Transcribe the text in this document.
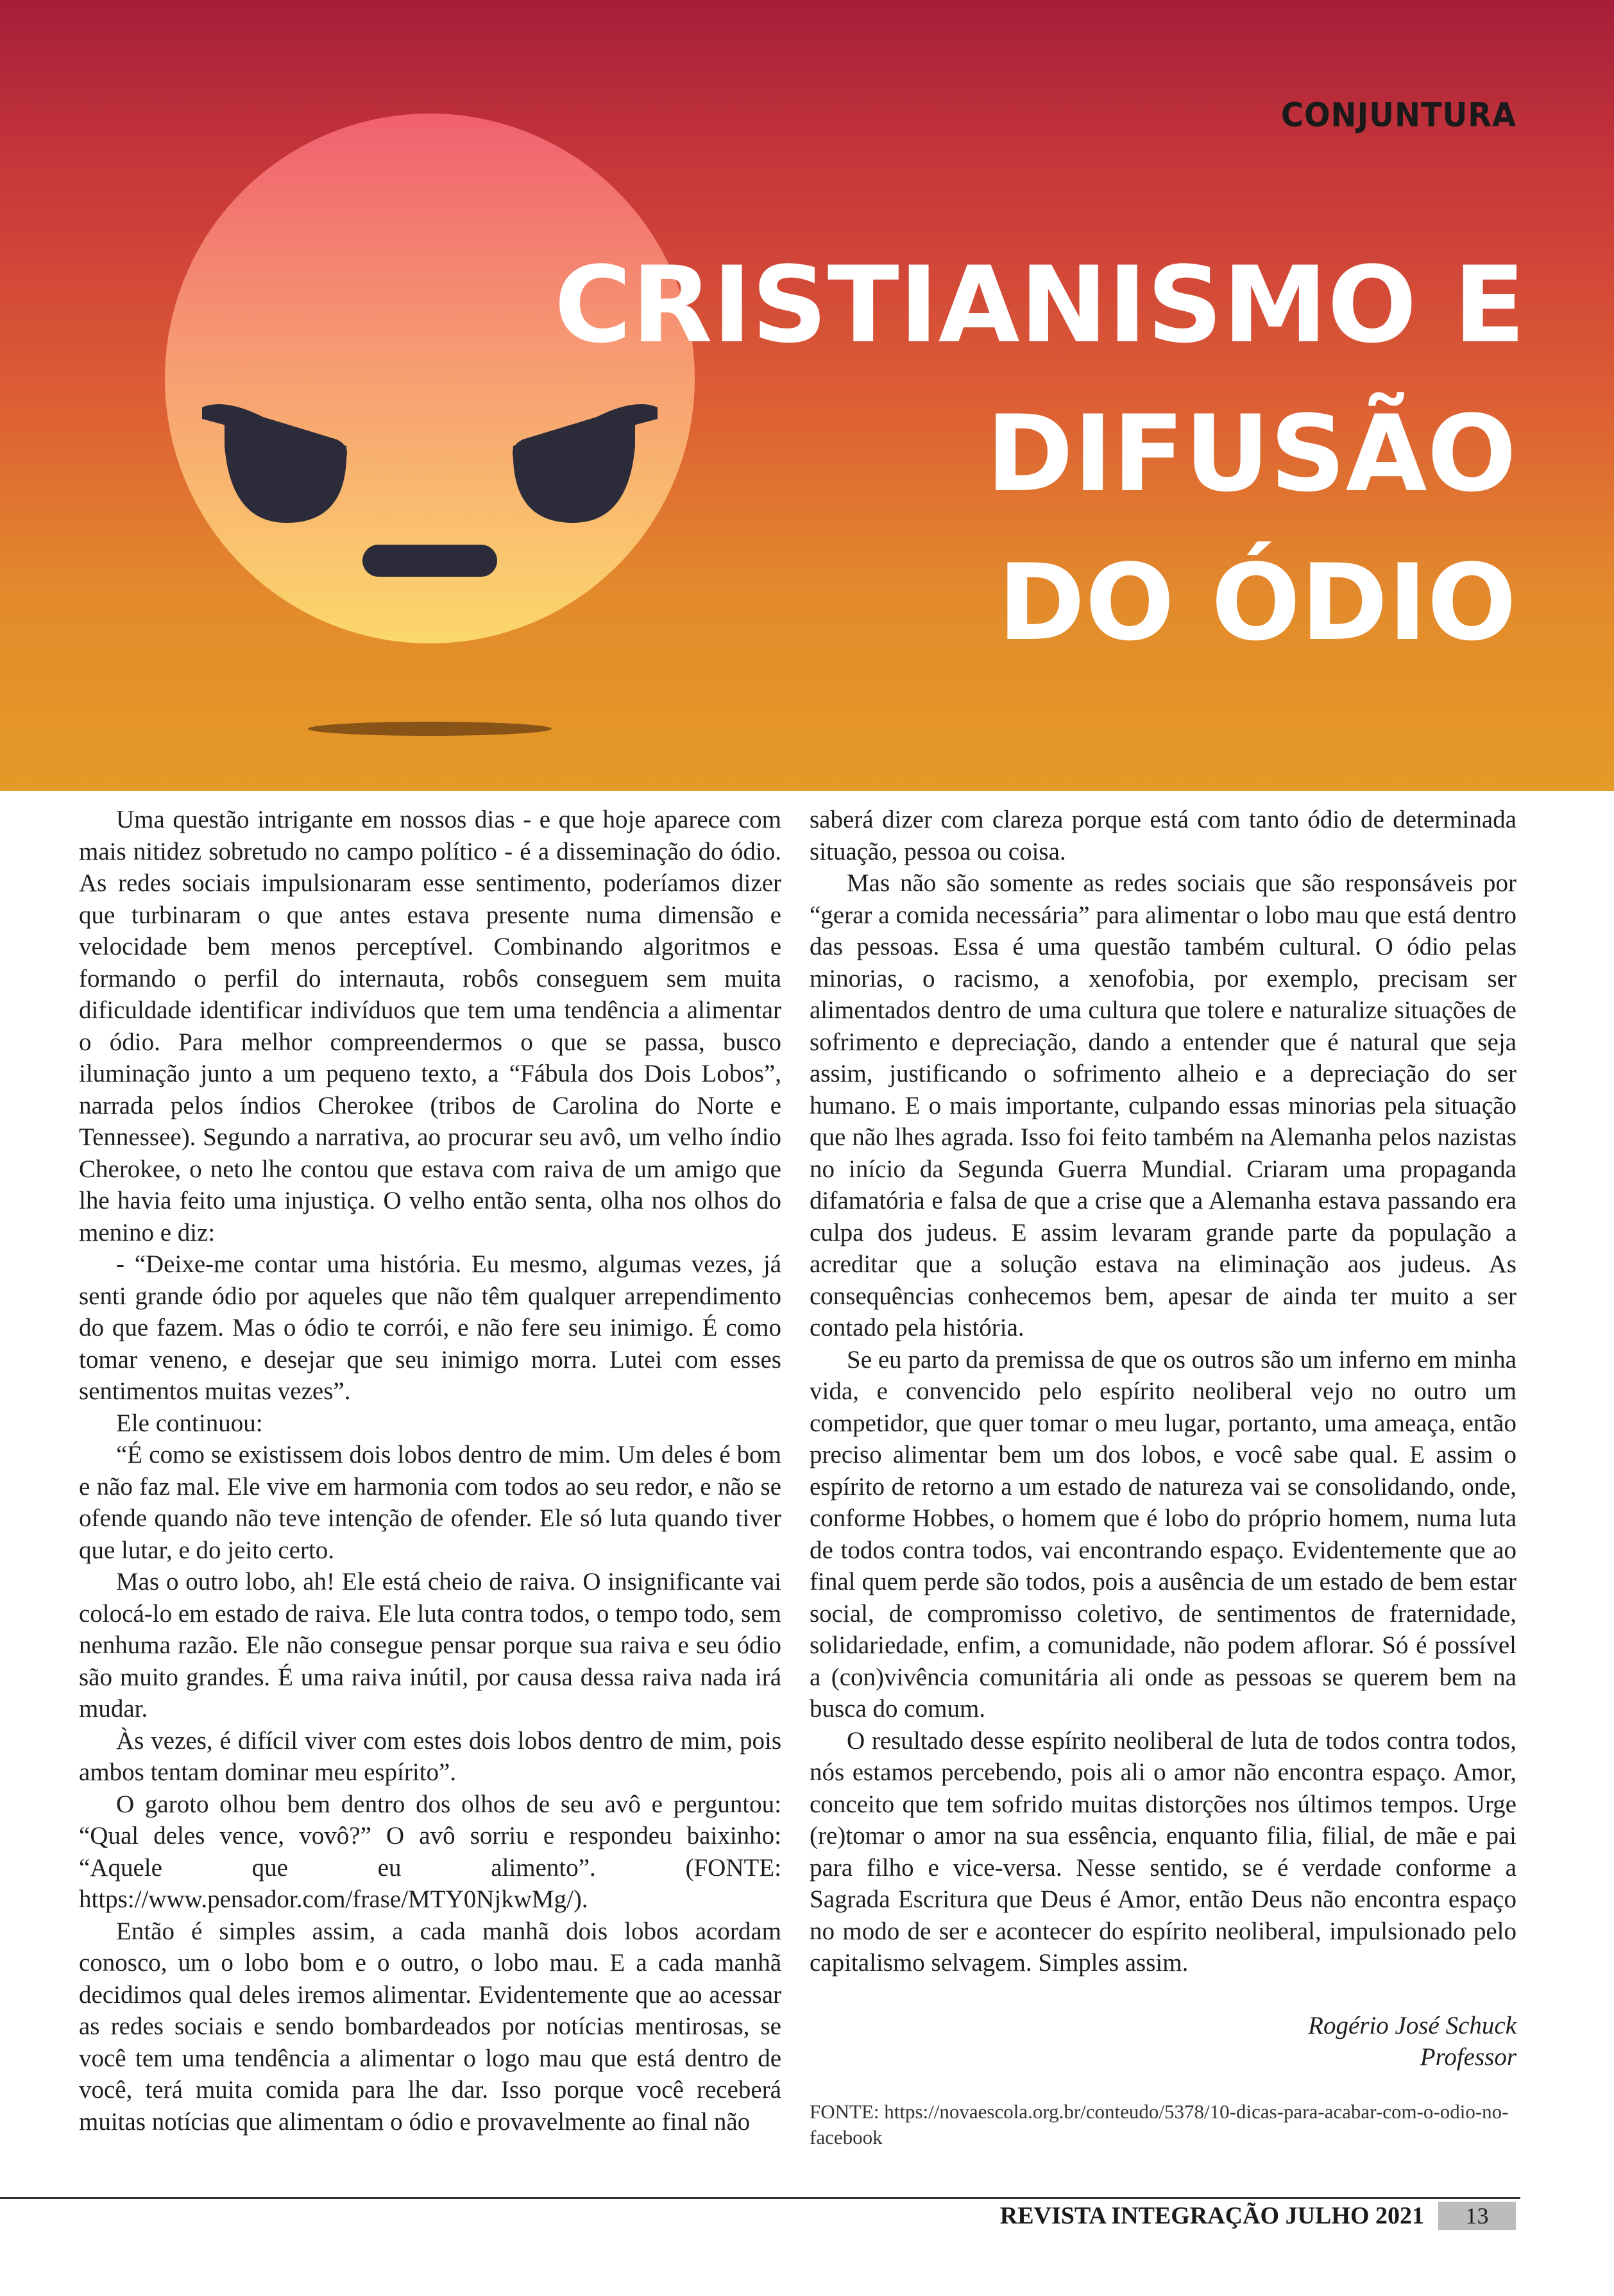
CONJUNTURA
CRISTIANISMO E
DIFUSÃO
DO ÓDIO

Uma questão intrigante em nossos dias - e que hoje aparece com mais nitidez sobretudo no campo político - é a disseminação do ódio. As redes sociais impulsionaram esse sentimento, poderíamos dizer que turbinaram o que antes estava presente numa dimensão e velocidade bem menos perceptível. Combinando algoritmos e formando o perfil do internauta, robôs conseguem sem muita dificuldade identificar indivíduos que tem uma tendência a alimentar o ódio. Para melhor compreendermos o que se passa, busco iluminação junto a um pequeno texto, a “Fábula dos Dois Lobos”, narrada pelos índios Cherokee (tribos de Carolina do Norte e Tennessee). Segundo a narrativa, ao procurar seu avô, um velho índio Cherokee, o neto lhe contou que estava com raiva de um amigo que lhe havia feito uma injustiça. O velho então senta, olha nos olhos do menino e diz:

- “Deixe-me contar uma história. Eu mesmo, algumas vezes, já senti grande ódio por aqueles que não têm qualquer arrependimento do que fazem. Mas o ódio te corrói, e não fere seu inimigo. É como tomar veneno, e desejar que seu inimigo morra. Lutei com esses sentimentos muitas vezes”.

Ele continuou:

“É como se existissem dois lobos dentro de mim. Um deles é bom e não faz mal. Ele vive em harmonia com todos ao seu redor, e não se ofende quando não teve intenção de ofender. Ele só luta quando tiver que lutar, e do jeito certo.

Mas o outro lobo, ah! Ele está cheio de raiva. O insignificante vai colocá-lo em estado de raiva. Ele luta contra todos, o tempo todo, sem nenhuma razão. Ele não consegue pensar porque sua raiva e seu ódio são muito grandes. É uma raiva inútil, por causa dessa raiva nada irá mudar.

Às vezes, é difícil viver com estes dois lobos dentro de mim, pois ambos tentam dominar meu espírito”.

O garoto olhou bem dentro dos olhos de seu avô e perguntou: “Qual deles vence, vovô?” O avô sorriu e respondeu baixinho: “Aquele que eu alimento”. (FONTE: https://www.pensador.com/frase/MTY0NjkwMg/).

Então é simples assim, a cada manhã dois lobos acordam conosco, um o lobo bom e o outro, o lobo mau. E a cada manhã decidimos qual deles iremos alimentar. Evidentemente que ao acessar as redes sociais e sendo bombardeados por notícias mentirosas, se você tem uma tendência a alimentar o logo mau que está dentro de você, terá muita comida para lhe dar. Isso porque você receberá muitas notícias que alimentam o ódio e provavelmente ao final não

saberá dizer com clareza porque está com tanto ódio de determinada situação, pessoa ou coisa.

Mas não são somente as redes sociais que são responsáveis por “gerar a comida necessária” para alimentar o lobo mau que está dentro das pessoas. Essa é uma questão também cultural. O ódio pelas minorias, o racismo, a xenofobia, por exemplo, precisam ser alimentados dentro de uma cultura que tolere e naturalize situações de sofrimento e depreciação, dando a entender que é natural que seja assim, justificando o sofrimento alheio e a depreciação do ser humano. E o mais importante, culpando essas minorias pela situação que não lhes agrada. Isso foi feito também na Alemanha pelos nazistas no início da Segunda Guerra Mundial. Criaram uma propaganda difamatória e falsa de que a crise que a Alemanha estava passando era culpa dos judeus. E assim levaram grande parte da população a acreditar que a solução estava na eliminação aos judeus. As consequências conhecemos bem, apesar de ainda ter muito a ser contado pela história.

Se eu parto da premissa de que os outros são um inferno em minha vida, e convencido pelo espírito neoliberal vejo no outro um competidor, que quer tomar o meu lugar, portanto, uma ameaça, então preciso alimentar bem um dos lobos, e você sabe qual. E assim o espírito de retorno a um estado de natureza vai se consolidando, onde, conforme Hobbes, o homem que é lobo do próprio homem, numa luta de todos contra todos, vai encontrando espaço. Evidentemente que ao final quem perde são todos, pois a ausência de um estado de bem estar social, de compromisso coletivo, de sentimentos de fraternidade, solidariedade, enfim, a comunidade, não podem aflorar. Só é possível a (con)vivência comunitária ali onde as pessoas se querem bem na busca do comum.

O resultado desse espírito neoliberal de luta de todos contra todos, nós estamos percebendo, pois ali o amor não encontra espaço. Amor, conceito que tem sofrido muitas distorções nos últimos tempos. Urge (re)tomar o amor na sua essência, enquanto filia, filial, de mãe e pai para filho e vice-versa. Nesse sentido, se é verdade conforme a Sagrada Escritura que Deus é Amor, então Deus não encontra espaço no modo de ser e acontecer do espírito neoliberal, impulsionado pelo capitalismo selvagem. Simples assim.

Rogério José Schuck
Professor
FONTE: https://novaescola.org.br/conteudo/5378/10-dicas-para-acabar-com-o-odio-no-facebook
REVISTA INTEGRAÇÃO JULHO 2021	13
